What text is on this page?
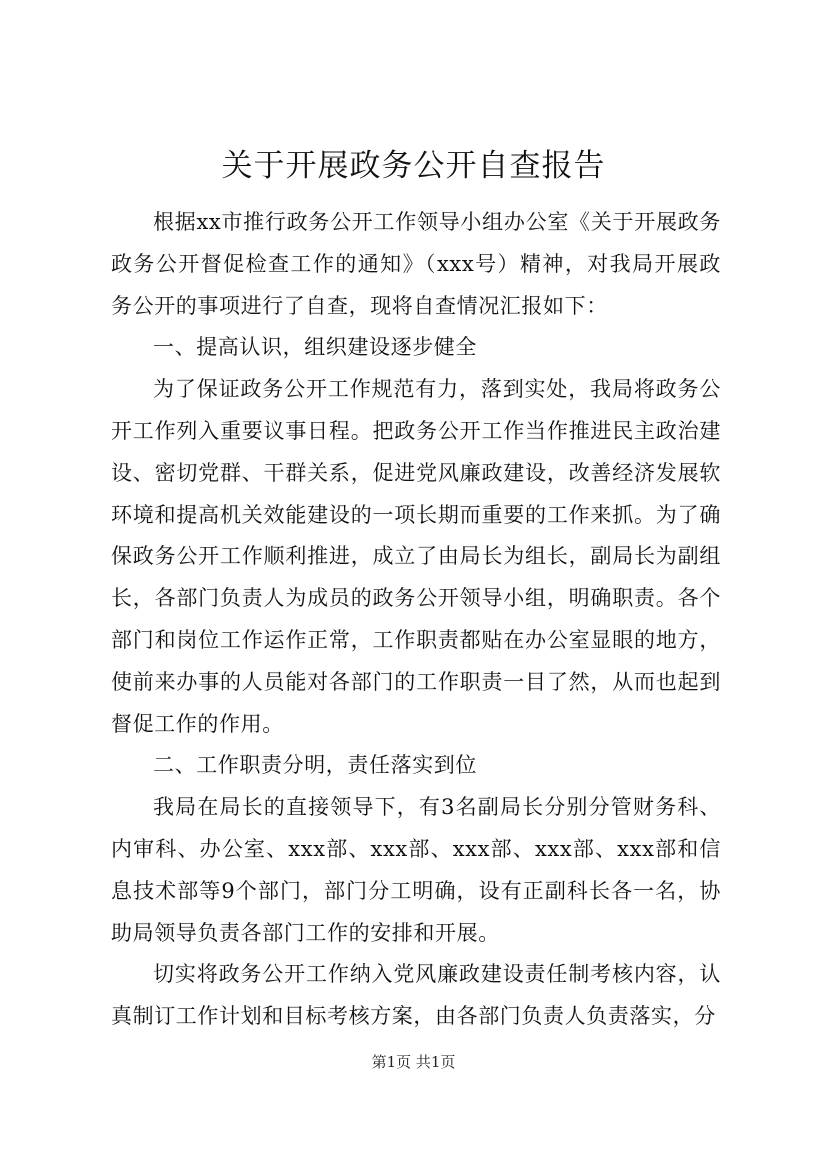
关于开展政务公开自查报告

根据xx市推行政务公开工作领导小组办公室《关于开展政务政务公开督促检查工作的通知》（xxx号）精神，对我局开展政务公开的事项进行了自查，现将自查情况汇报如下：

一、提高认识，组织建设逐步健全

为了保证政务公开工作规范有力，落到实处，我局将政务公开工作列入重要议事日程。把政务公开工作当作推进民主政治建设、密切党群、干群关系，促进党风廉政建设，改善经济发展软环境和提高机关效能建设的一项长期而重要的工作来抓。为了确保政务公开工作顺利推进，成立了由局长为组长，副局长为副组长，各部门负责人为成员的政务公开领导小组，明确职责。各个部门和岗位工作运作正常，工作职责都贴在办公室显眼的地方，使前来办事的人员能对各部门的工作职责一目了然，从而也起到督促工作的作用。

二、工作职责分明，责任落实到位

我局在局长的直接领导下，有3名副局长分别分管财务科、内审科、办公室、xxx部、xxx部、xxx部、xxx部、xxx部和信息技术部等9个部门，部门分工明确，设有正副科长各一名，协助局领导负责各部门工作的安排和开展。

切实将政务公开工作纳入党风廉政建设责任制考核内容，认真制订工作计划和目标考核方案，由各部门负责人负责落实，分

第1页 共1页
